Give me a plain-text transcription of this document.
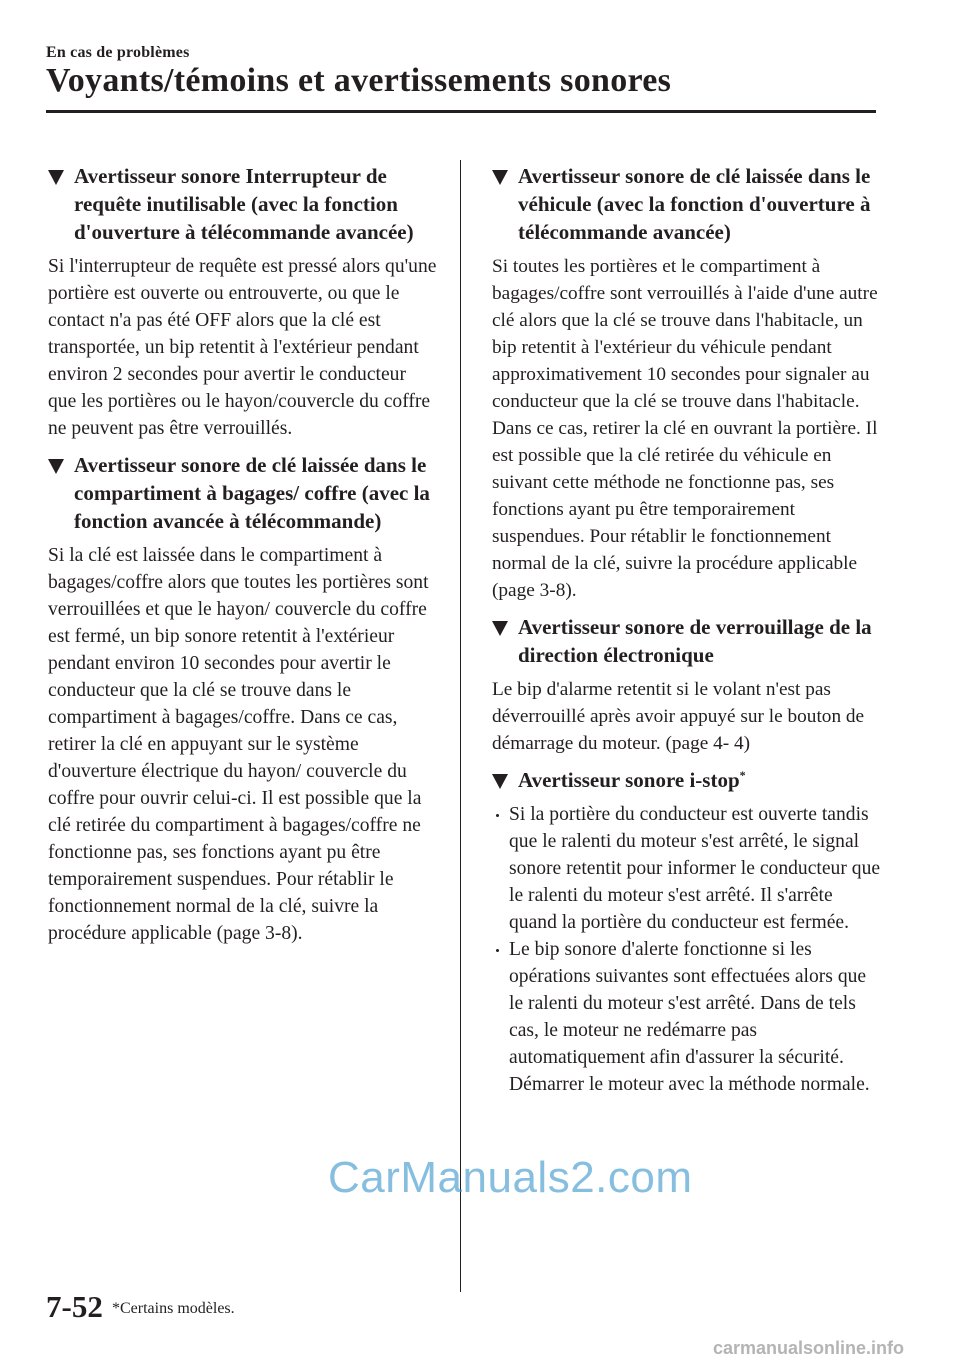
En cas de problèmes
Voyants/témoins et avertissements sonores
Avertisseur sonore Interrupteur de requête inutilisable (avec la fonction d'ouverture à télécommande avancée)

Si l'interrupteur de requête est pressé alors qu'une portière est ouverte ou entrouverte, ou que le contact n'a pas été OFF alors que la clé est transportée, un bip retentit à l'extérieur pendant environ 2 secondes pour avertir le conducteur que les portières ou le hayon/couvercle du coffre ne peuvent pas être verrouillés.

Avertisseur sonore de clé laissée dans le compartiment à bagages/ coffre (avec la fonction avancée à télécommande)

Si la clé est laissée dans le compartiment à bagages/coffre alors que toutes les portières sont verrouillées et que le hayon/ couvercle du coffre est fermé, un bip sonore retentit à l'extérieur pendant environ 10 secondes pour avertir le conducteur que la clé se trouve dans le compartiment à bagages/coffre. Dans ce cas, retirer la clé en appuyant sur le système d'ouverture électrique du hayon/ couvercle du coffre pour ouvrir celui-ci. Il est possible que la clé retirée du compartiment à bagages/coffre ne fonctionne pas, ses fonctions ayant pu être temporairement suspendues. Pour rétablir le fonctionnement normal de la clé, suivre la procédure applicable (page 3-8).

Avertisseur sonore de clé laissée dans le véhicule (avec la fonction d'ouverture à télécommande avancée)

Si toutes les portières et le compartiment à bagages/coffre sont verrouillés à l'aide d'une autre clé alors que la clé se trouve dans l'habitacle, un bip retentit à l'extérieur du véhicule pendant approximativement 10 secondes pour signaler au conducteur que la clé se trouve dans l'habitacle. Dans ce cas, retirer la clé en ouvrant la portière. Il est possible que la clé retirée du véhicule en suivant cette méthode ne fonctionne pas, ses fonctions ayant pu être temporairement suspendues. Pour rétablir le fonctionnement normal de la clé, suivre la procédure applicable (page 3-8).

Avertisseur sonore de verrouillage de la direction électronique

Le bip d'alarme retentit si le volant n'est pas déverrouillé après avoir appuyé sur le bouton de démarrage du moteur. (page 4- 4)

Avertisseur sonore i-stop*
Si la portière du conducteur est ouverte tandis que le ralenti du moteur s'est arrêté, le signal sonore retentit pour informer le conducteur que le ralenti du moteur s'est arrêté. Il s'arrête quand la portière du conducteur est fermée.
Le bip sonore d'alerte fonctionne si les opérations suivantes sont effectuées alors que le ralenti du moteur s'est arrêté. Dans de tels cas, le moteur ne redémarre pas automatiquement afin d'assurer la sécurité. Démarrer le moteur avec la méthode normale.
7-52 *Certains modèles.
CarManuals2.com
carmanualsonline.info
